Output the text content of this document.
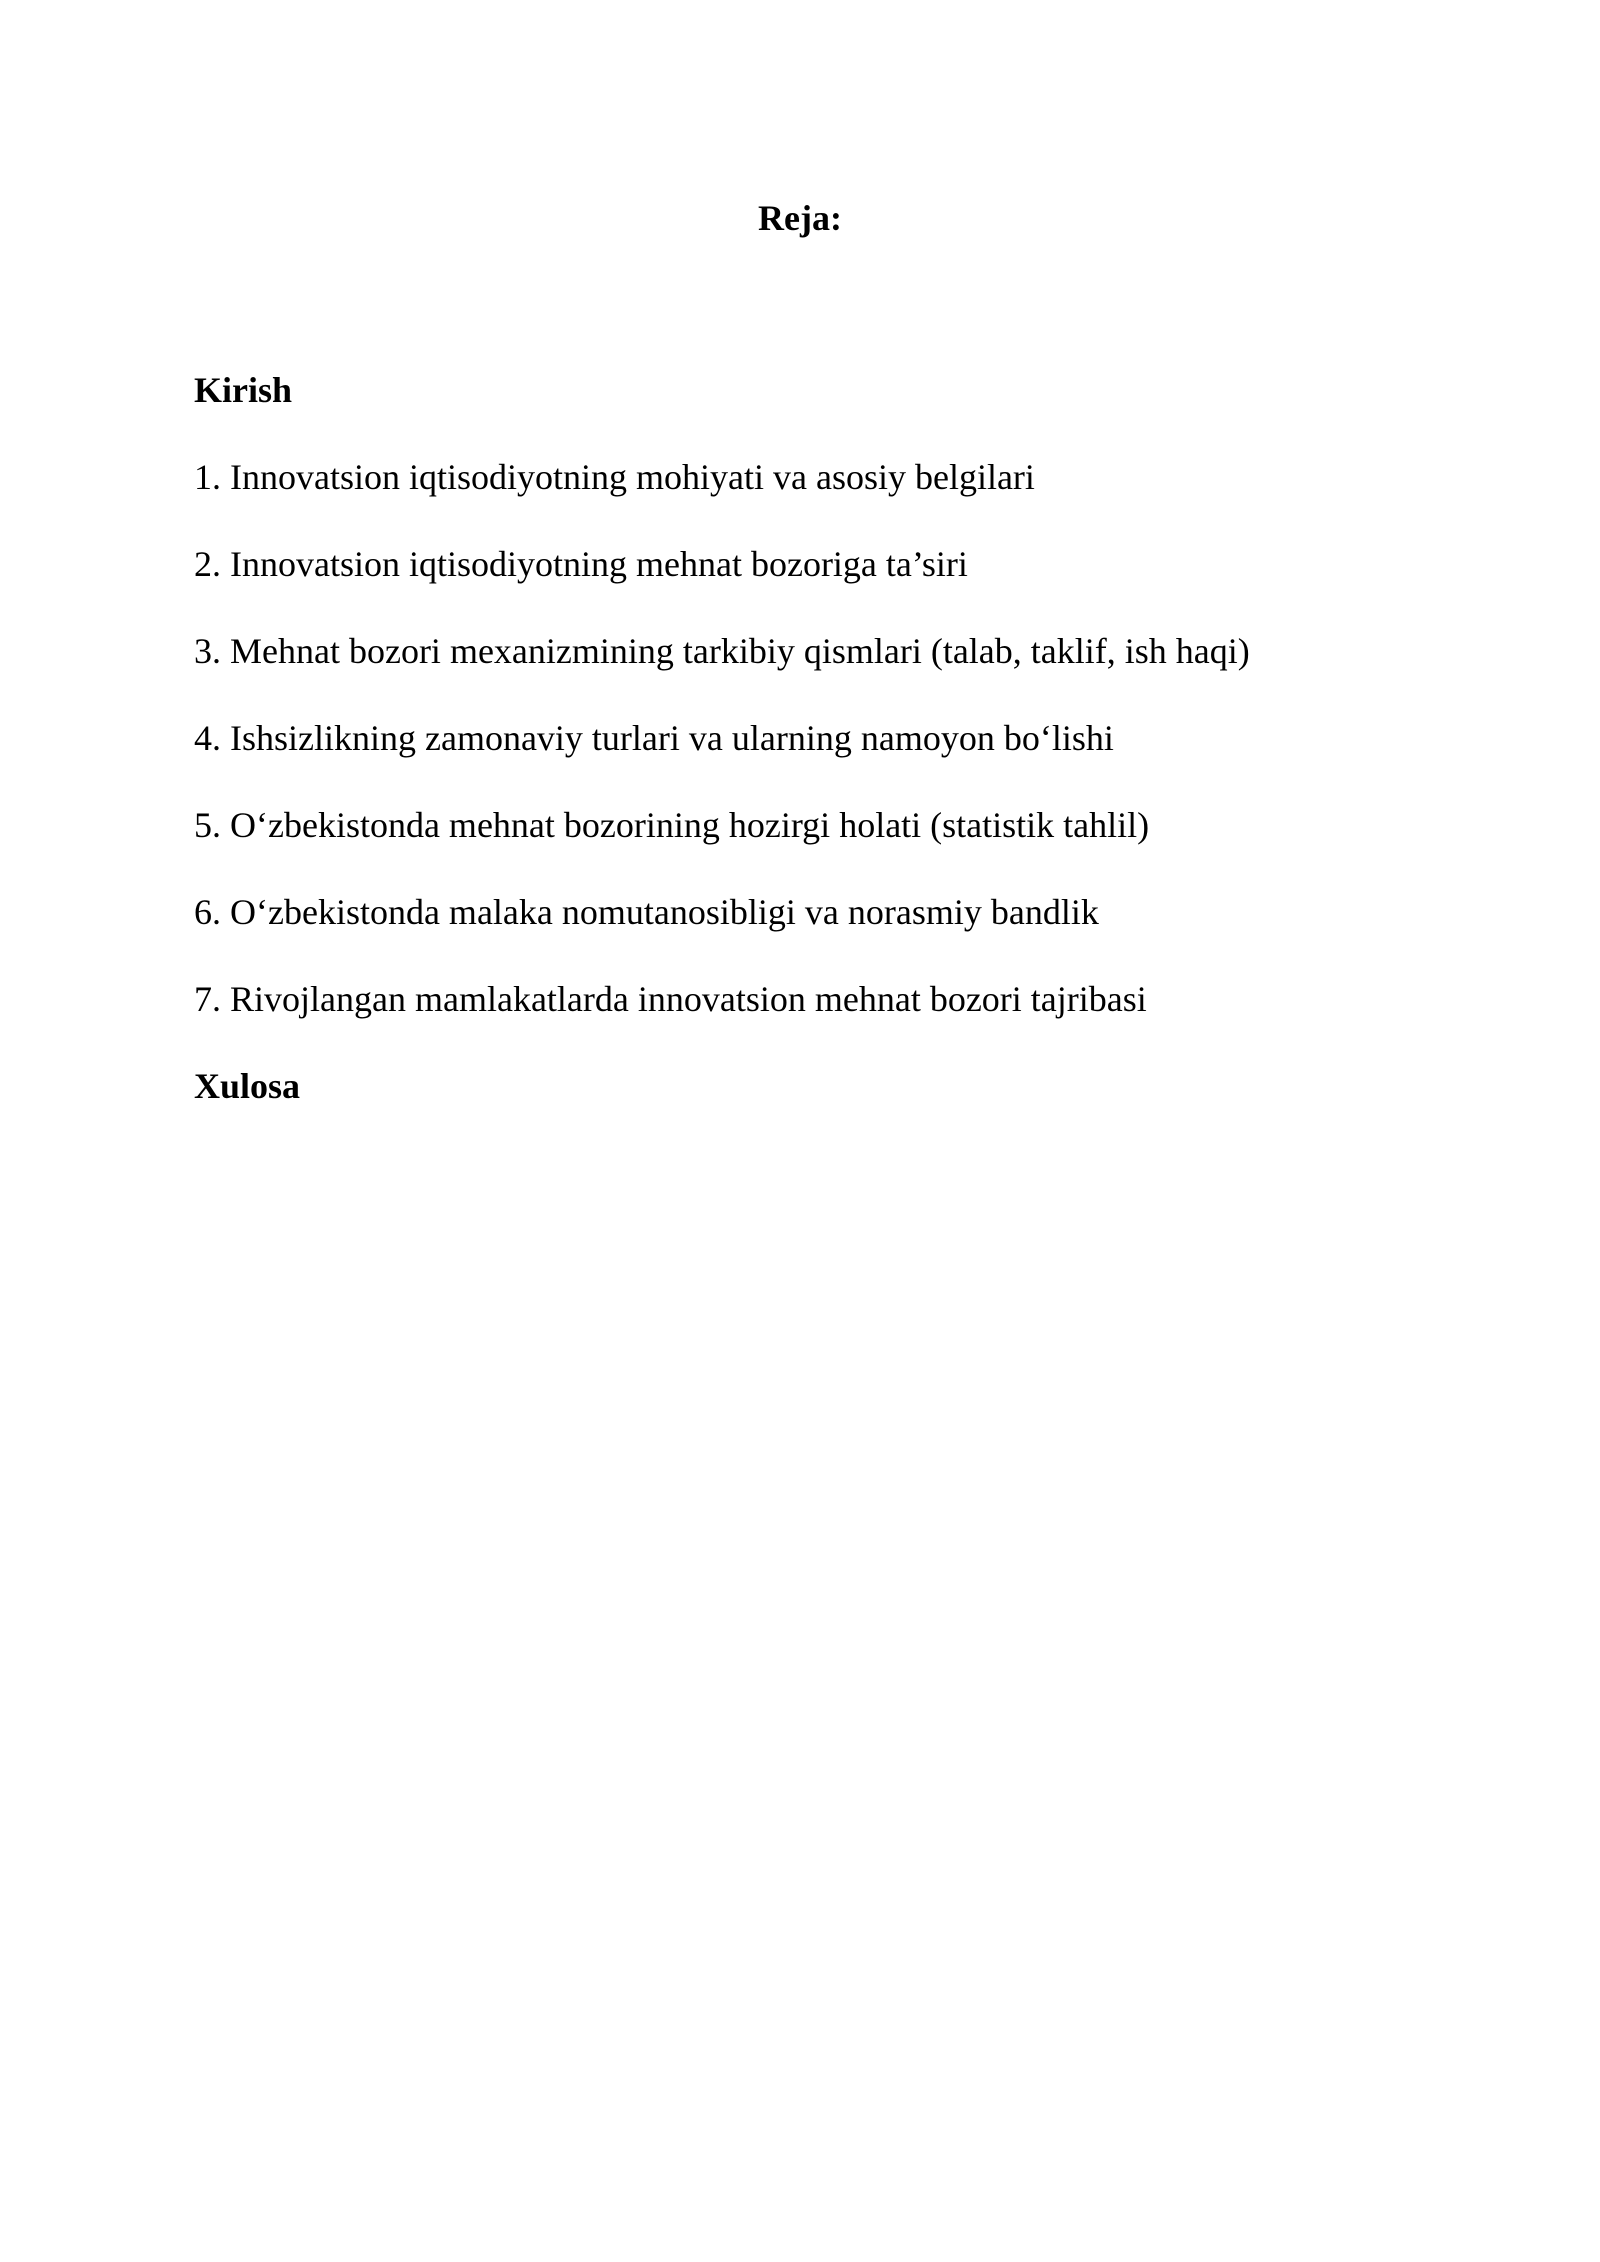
Reja:
Kirish
1. Innovatsion iqtisodiyotning mohiyati va asosiy belgilari
2. Innovatsion iqtisodiyotning mehnat bozoriga ta’siri
3. Mehnat bozori mexanizmining tarkibiy qismlari (talab, taklif, ish haqi)
4. Ishsizlikning zamonaviy turlari va ularning namoyon bo‘lishi
5. O‘zbekistonda mehnat bozorining hozirgi holati (statistik tahlil)
6. O‘zbekistonda malaka nomutanosibligi va norasmiy bandlik
7. Rivojlangan mamlakatlarda innovatsion mehnat bozori tajribasi
Xulosa
